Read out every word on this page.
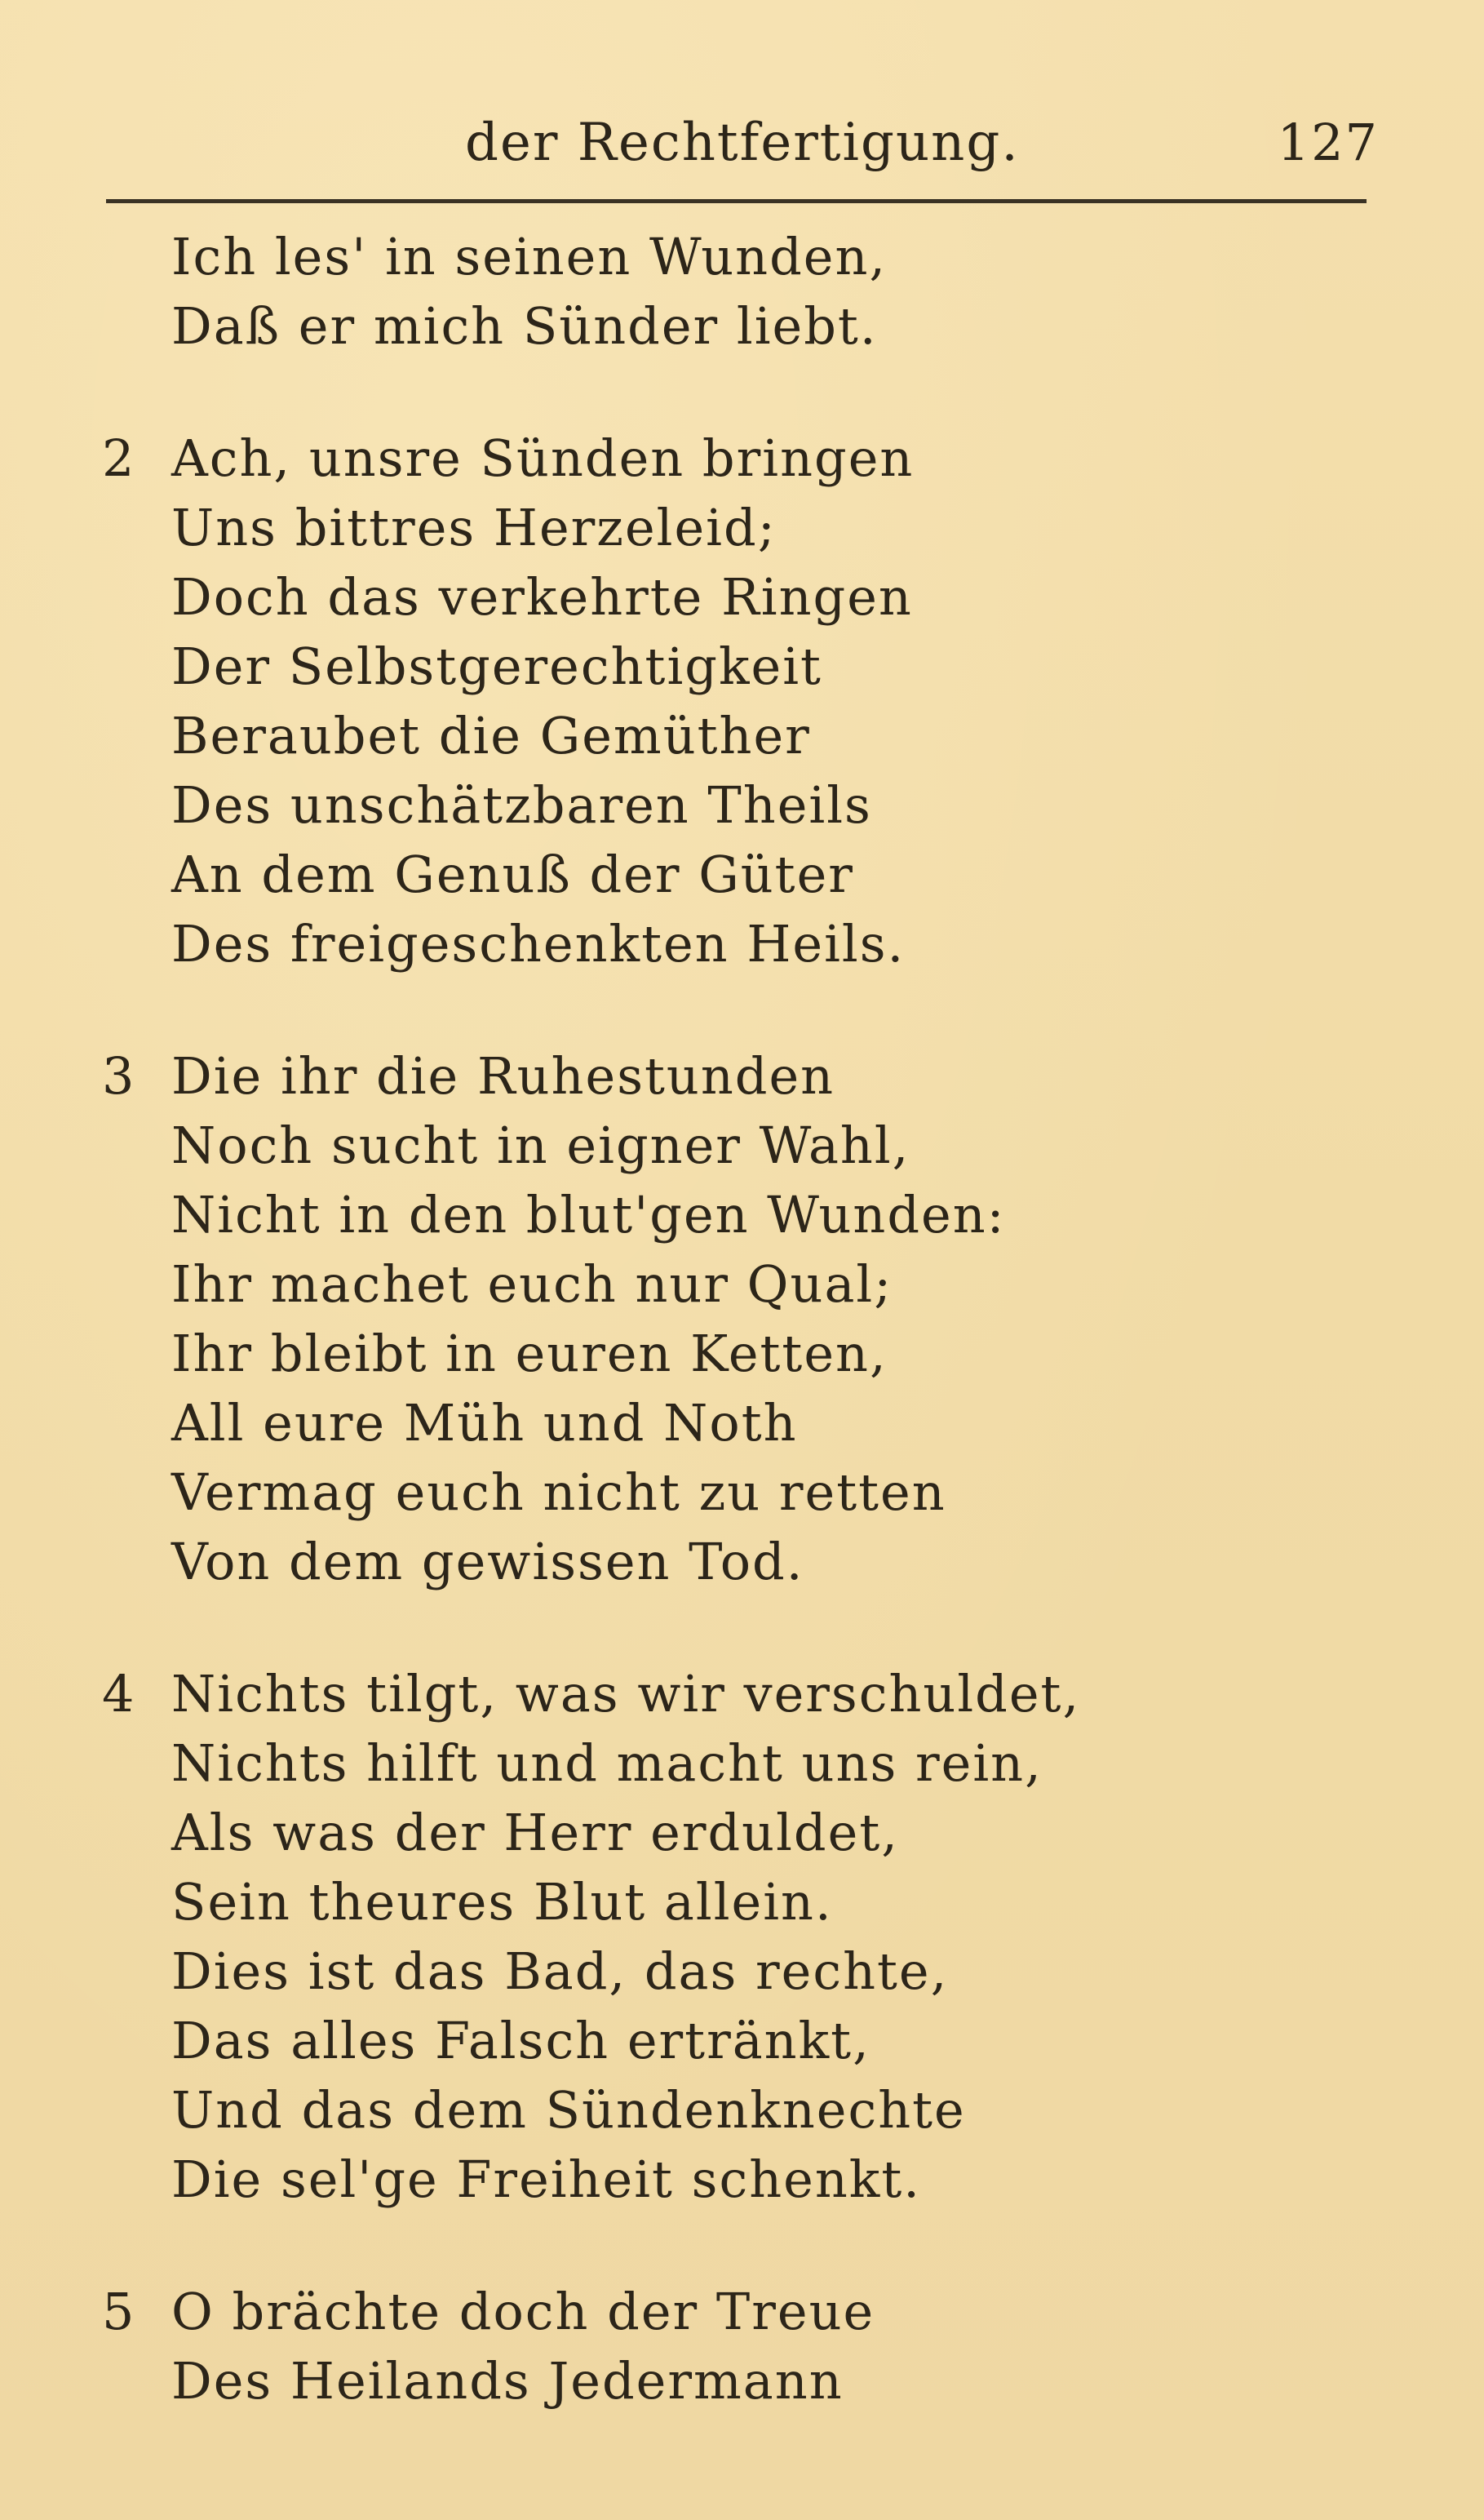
der Rechtfertigung.	127
Ich les' in seinen Wunden,
Daß er mich Sünder liebt.
2 Ach, unsre Sünden bringen
Uns bittres Herzeleid;
Doch das verkehrte Ringen
Der Selbstgerechtigkeit
Beraubet die Gemüther
Des unschätzbaren Theils
An dem Genuß der Güter
Des freigeschenkten Heils.
3 Die ihr die Ruhestunden
Noch sucht in eigner Wahl,
Nicht in den blut'gen Wunden:
Ihr machet euch nur Qual;
Ihr bleibt in euren Ketten,
All eure Müh und Noth
Vermag euch nicht zu retten
Von dem gewissen Tod.
4 Nichts tilgt, was wir verschuldet,
Nichts hilft und macht uns rein,
Als was der Herr erduldet,
Sein theures Blut allein.
Dies ist das Bad, das rechte,
Das alles Falsch ertränkt,
Und das dem Sündenknechte
Die sel'ge Freiheit schenkt.
5 O brächte doch der Treue
Des Heilands Jedermann
